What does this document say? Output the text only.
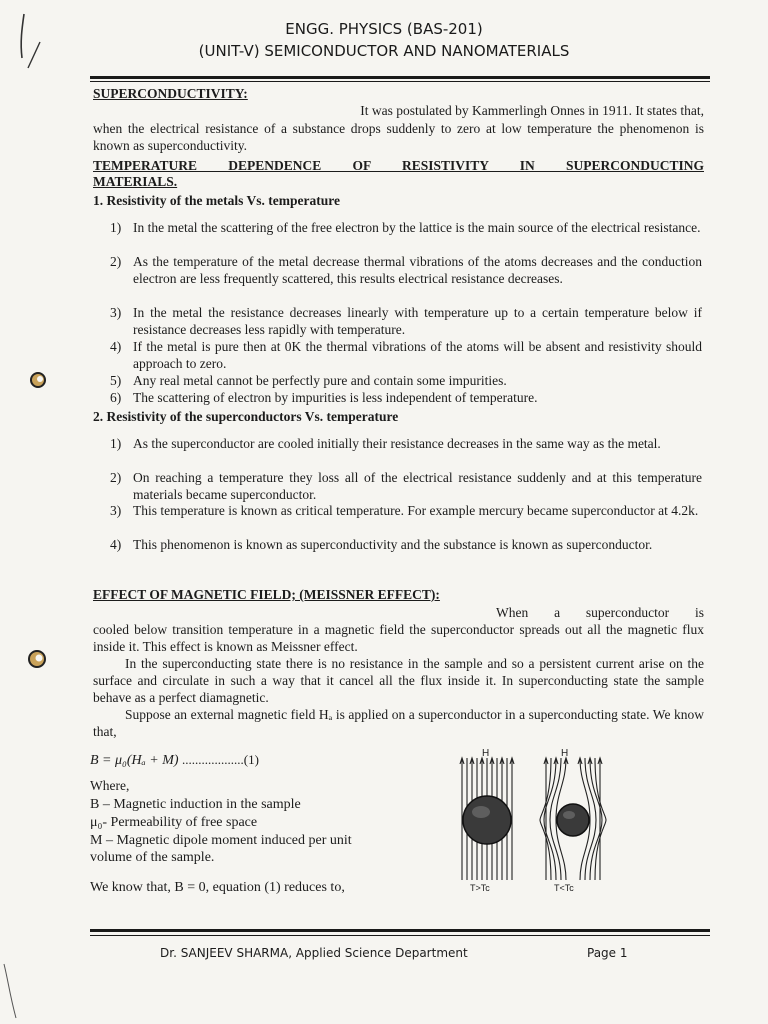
ENGG. PHYSICS (BAS-201)
(UNIT-V) SEMICONDUCTOR AND NANOMATERIALS
SUPERCONDUCTIVITY:
It was postulated by Kammerlingh Onnes in 1911. It states that,
when the electrical resistance of a substance drops suddenly to zero at low temperature the phenomenon is known as superconductivity.
TEMPERATURE DEPENDENCE OF RESISTIVITY IN SUPERCONDUCTING MATERIALS.
1. Resistivity of the metals Vs. temperature
1) In the metal the scattering of the free electron by the lattice is the main source of the electrical resistance.
2) As the temperature of the metal decrease thermal vibrations of the atoms decreases and the conduction electron are less frequently scattered, this results electrical resistance decreases.
3) In the metal the resistance decreases linearly with temperature up to a certain temperature below if resistance decreases less rapidly with temperature.
4) If the metal is pure then at 0K the thermal vibrations of the atoms will be absent and resistivity should approach to zero.
5) Any real metal cannot be perfectly pure and contain some impurities.
6) The scattering of electron by impurities is less independent of temperature.
2. Resistivity of the superconductors Vs. temperature
1) As the superconductor are cooled initially their resistance decreases in the same way as the metal.
2) On reaching a temperature they loss all of the electrical resistance suddenly and at this temperature materials became superconductor.
3) This temperature is known as critical temperature. For example mercury became superconductor at 4.2k.
4) This phenomenon is known as superconductivity and the substance is known as superconductor.
EFFECT OF MAGNETIC FIELD; (MEISSNER EFFECT):
When a superconductor is
cooled below transition temperature in a magnetic field the superconductor spreads out all the magnetic flux inside it. This effect is known as Meissner effect.
In the superconducting state there is no resistance in the sample and so a persistent current arise on the surface and circulate in such a way that it cancel all the flux inside it. In superconducting state the sample behave as a perfect diamagnetic.
Suppose an external magnetic field Hₐ is applied on a superconductor in a superconducting state. We know that,
B = μ₀(Hₐ + M) ...................(1)
Where,
B – Magnetic induction in the sample
μ₀- Permeability of free space
M – Magnetic dipole moment induced per unit volume of the sample.
We know that, B = 0, equation (1) reduces to,
H	H
T>Tc	T<Tc
Dr. SANJEEV SHARMA, Applied Science Department	Page 1
